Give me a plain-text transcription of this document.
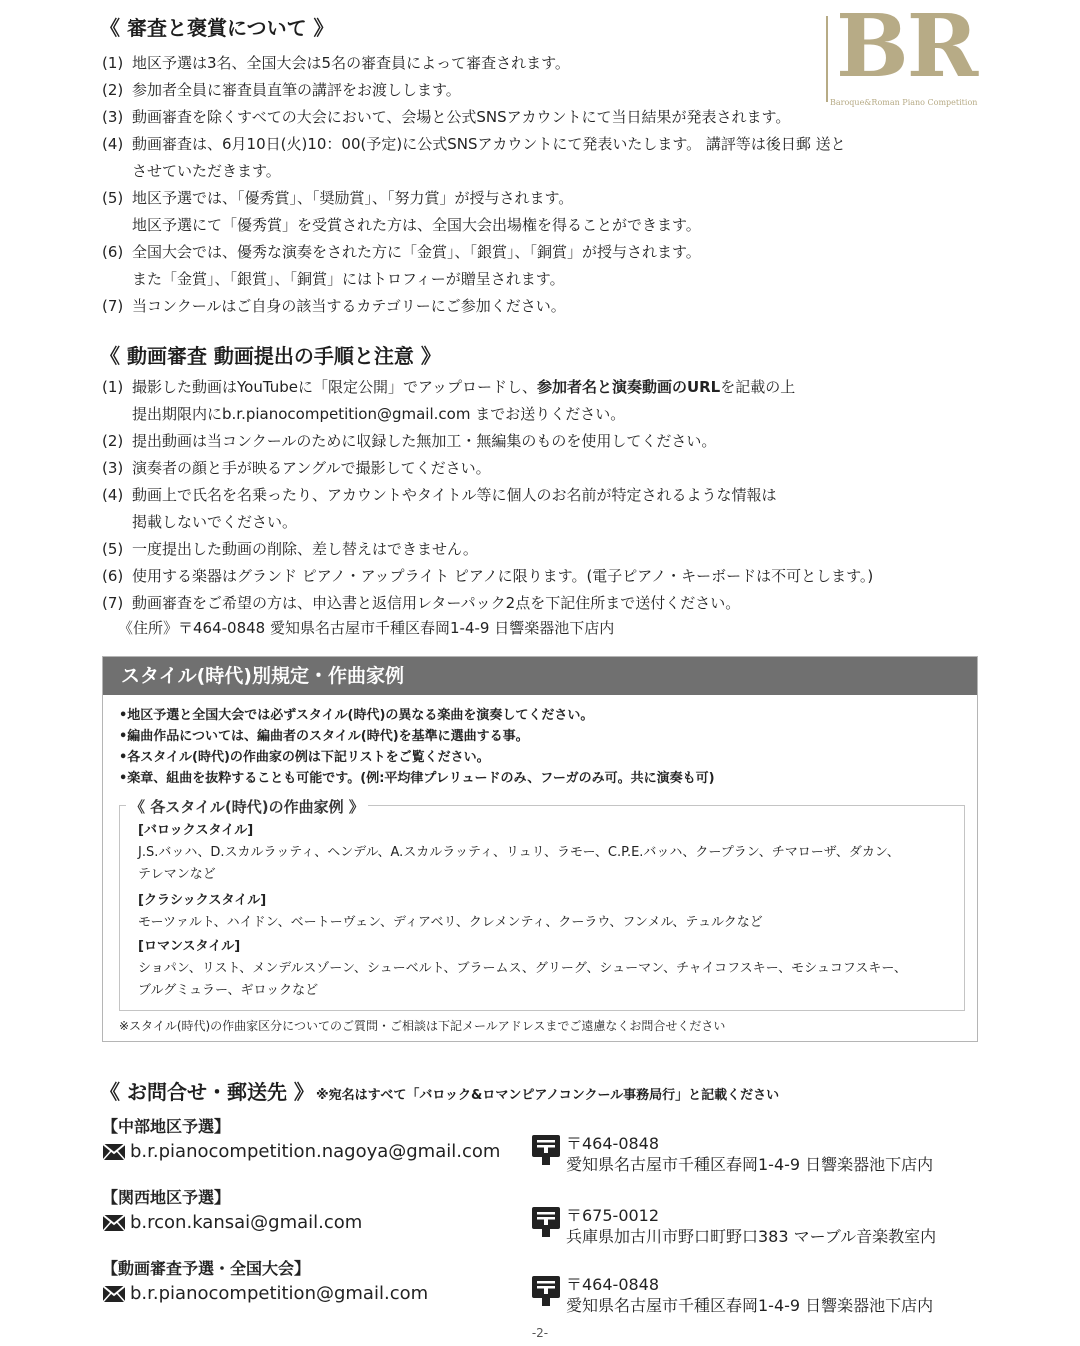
BR
Baroque&Roman Piano Competition
《 審査と褒賞について 》
(1) 地区予選は3名、全国大会は5名の審査員によって審査されます。
(2) 参加者全員に審査員直筆の講評をお渡しします。
(3) 動画審査を除くすべての大会において、会場と公式SNSアカウントにて当日結果が発表されます。
(4) 動画審査は、6月10日(火)10：00(予定)に公式SNSアカウントにて発表いたします。 講評等は後日郵 送と
させていただきます。
(5) 地区予選では、「優秀賞」、「奨励賞」、「努力賞」が授与されます。
地区予選にて「優秀賞」を受賞された方は、全国大会出場権を得ることができます。
(6) 全国大会では、優秀な演奏をされた方に「金賞」、「銀賞」、「銅賞」が授与されます。
また「金賞」、「銀賞」、「銅賞」にはトロフィーが贈呈されます。
(7) 当コンクールはご自身の該当するカテゴリーにご参加ください。
《 動画審査 動画提出の手順と注意 》
(1) 撮影した動画はYouTubeに「限定公開」でアップロードし、参加者名と演奏動画のURLを記載の上
提出期限内にb.r.pianocompetition@gmail.com までお送りください。
(2) 提出動画は当コンクールのために収録した無加工・無編集のものを使用してください。
(3) 演奏者の顔と手が映るアングルで撮影してください。
(4) 動画上で氏名を名乗ったり、アカウントやタイトル等に個人のお名前が特定されるような情報は
掲載しないでください。
(5) 一度提出した動画の削除、差し替えはできません。
(6) 使用する楽器はグランド ピアノ・アップライト ピアノに限ります。(電子ピアノ・キーボードは不可とします。)
(7) 動画審査をご希望の方は、申込書と返信用レターパック2点を下記住所まで送付ください。
《住所》〒464-0848 愛知県名古屋市千種区春岡1-4-9 日響楽器池下店内
スタイル(時代)別規定・作曲家例
•地区予選と全国大会では必ずスタイル(時代)の異なる楽曲を演奏してください。
•編曲作品については、編曲者のスタイル(時代)を基準に選曲する事。
•各スタイル(時代)の作曲家の例は下記リストをご覧ください。
•楽章、組曲を抜粋することも可能です。(例:平均律プレリュードのみ、フーガのみ可。共に演奏も可)
《 各スタイル(時代)の作曲家例 》
[バロックスタイル]
J.S.バッハ、D.スカルラッティ、ヘンデル、A.スカルラッティ、リュリ、ラモー、C.P.E.バッハ、クープラン、チマローザ、ダカン、
テレマンなど
[クラシックスタイル]
モーツァルト、ハイドン、ベートーヴェン、ディアベリ、クレメンティ、クーラウ、フンメル、テュルクなど
[ロマンスタイル]
ショパン、リスト、メンデルスゾーン、シューベルト、ブラームス、グリーグ、シューマン、チャイコフスキー、モシュコフスキー、
ブルグミュラー、ギロックなど
※スタイル(時代)の作曲家区分についてのご質問・ご相談は下記メールアドレスまでご遠慮なくお問合せください
《 お問合せ・郵送先 》 ※宛名はすべて「バロック&ロマンピアノコンクール事務局行」と記載ください
【中部地区予選】
b.r.pianocompetition.nagoya@gmail.com	〒464-0848
愛知県名古屋市千種区春岡1-4-9 日響楽器池下店内
【関西地区予選】
b.rcon.kansai@gmail.com	〒675-0012
兵庫県加古川市野口町野口383 マーブル音楽教室内
【動画審査予選・全国大会】
b.r.pianocompetition@gmail.com	〒464-0848
愛知県名古屋市千種区春岡1-4-9 日響楽器池下店内
-2-
